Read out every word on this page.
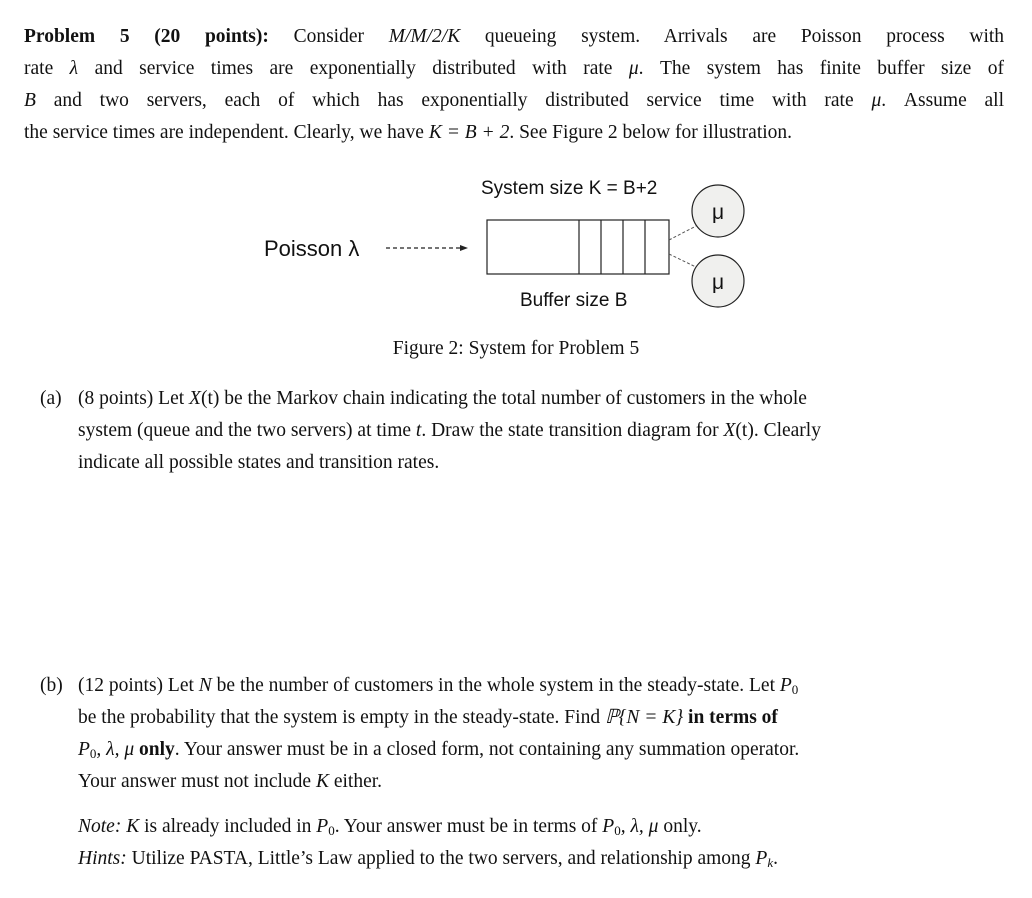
Problem 5 (20 points): Consider M/M/2/K queueing system. Arrivals are Poisson process with
rate λ and service times are exponentially distributed with rate μ. The system has finite buffer size of
B and two servers, each of which has exponentially distributed service time with rate μ. Assume all
the service times are independent. Clearly, we have K = B + 2. See Figure 2 below for illustration.
System size K = B+2
Poisson λ
μ
μ
Buffer size B
Figure 2: System for Problem 5
(a) (8 points) Let X(t) be the Markov chain indicating the total number of customers in the whole
system (queue and the two servers) at time t. Draw the state transition diagram for X(t). Clearly
indicate all possible states and transition rates.
(b) (12 points) Let N be the number of customers in the whole system in the steady-state. Let $P_0$
be the probability that the system is empty in the steady-state. Find ℙ{N = K} in terms of
$P_0$, λ, μ only. Your answer must be in a closed form, not containing any summation operator.
Your answer must not include K either.
Note: K is already included in $P_0$. Your answer must be in terms of $P_0$, λ, μ only.
Hints: Utilize PASTA, Little’s Law applied to the two servers, and relationship among $P_k$.
